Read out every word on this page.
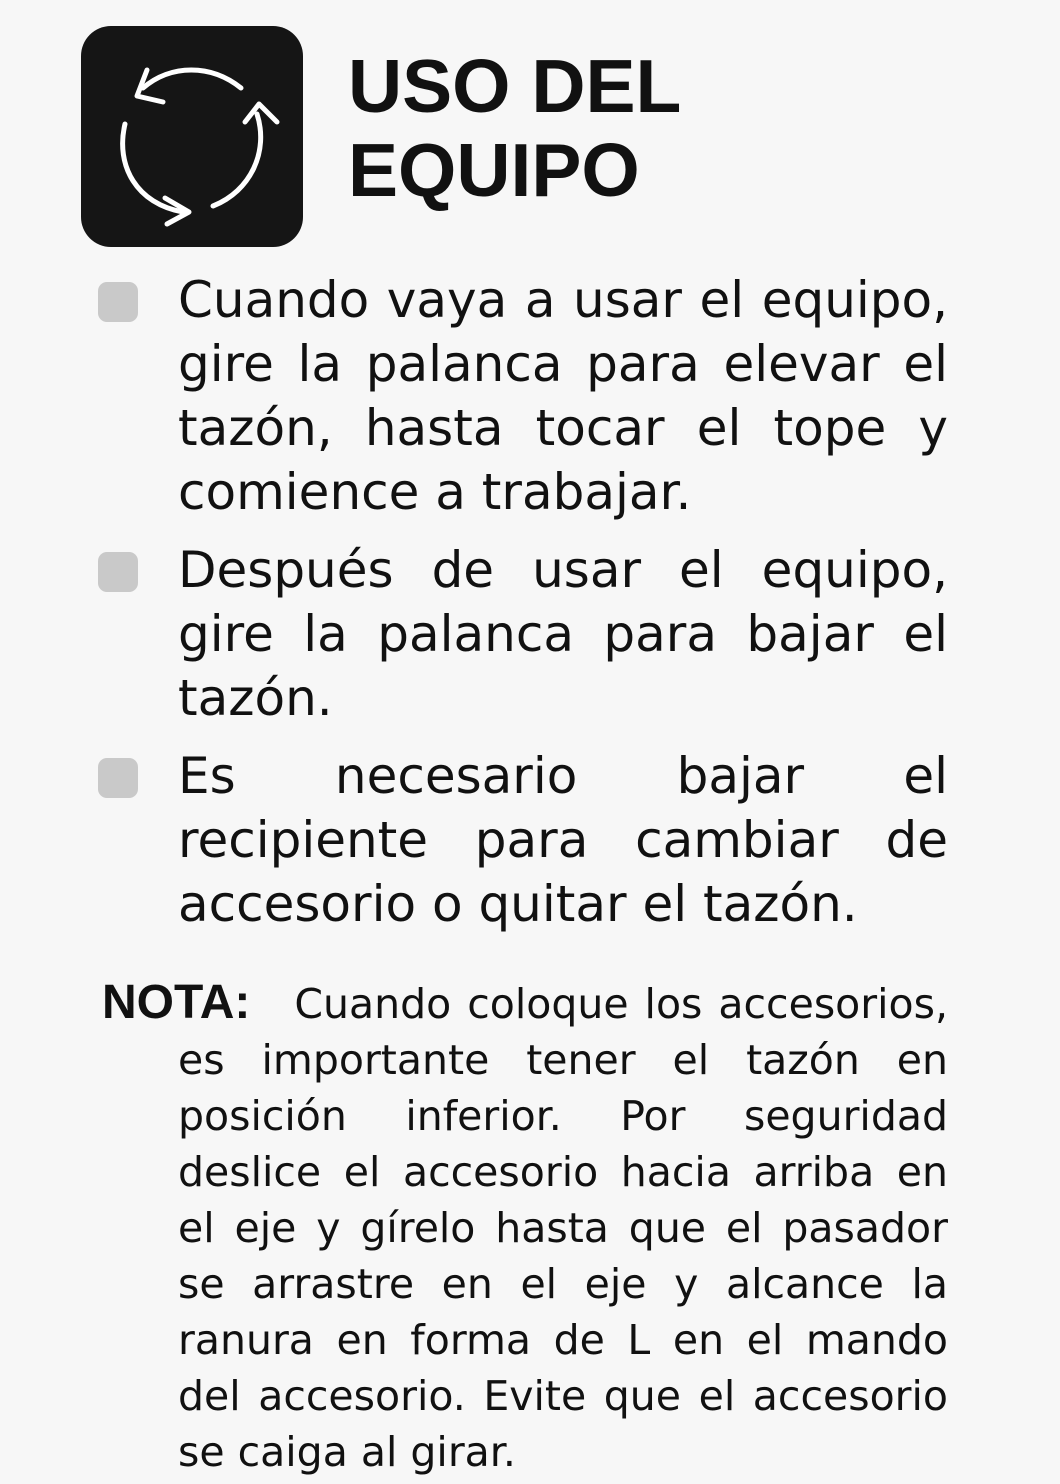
USO DEL
EQUIPO
Cuando vaya a usar el equipo, gire la palanca para elevar el tazón, hasta tocar el tope y comience a trabajar.
Después de usar el equipo, gire la palanca para bajar el tazón.
Es necesario bajar el recipiente para cambiar de accesorio o quitar el tazón.
NOTA: Cuando coloque los accesorios, es importante tener el tazón en posición inferior. Por seguridad deslice el accesorio hacia arriba en el eje y gírelo hasta que el pasador se arrastre en el eje y alcance la ranura en forma de L en el mando del accesorio. Evite que el accesorio se caiga al girar.
